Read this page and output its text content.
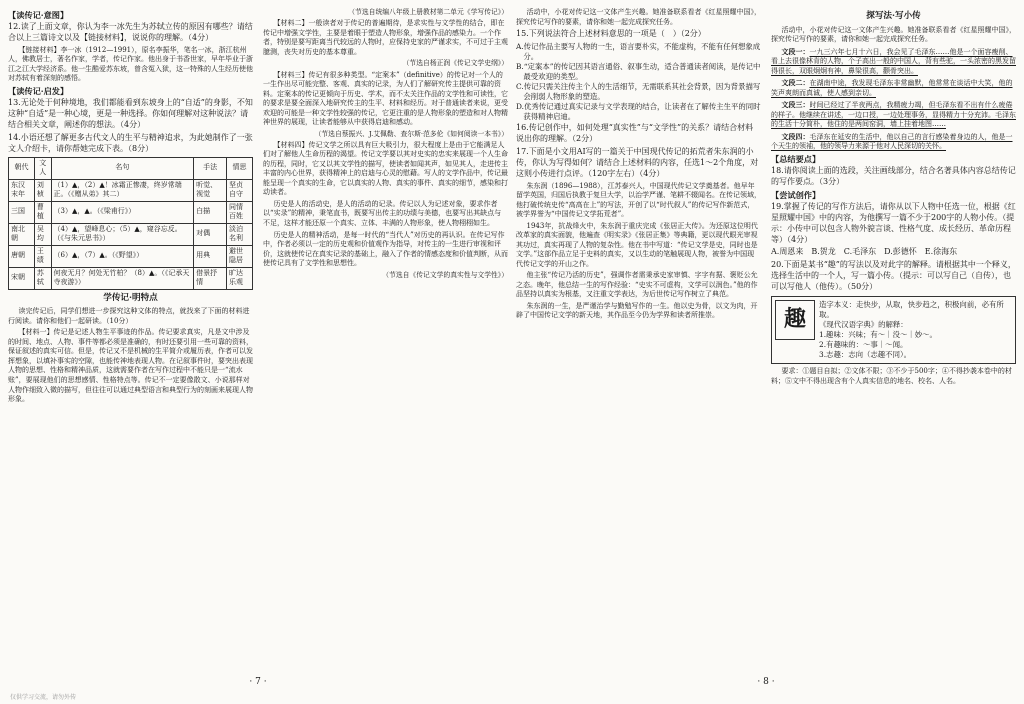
【读传记·意图】
12.读了上面文章，你认为李一冰先生为苏轼立传的原因有哪些？请结合以上三篇诗文以及【链接材料】，说说你的理解。（4分）
【链接材料】李一冰（1912—1991），原名李振华，笔名一冰，浙江杭州人，佛教居士，著名作家，学者，传记作家。他出身于书香世家，早年毕业于浙江之江大学经济系。他一生酷爱苏东坡，曾含冤入狱，这一特殊的人生经历使他对苏轼有着深刻的感悟。
【读传记·启发】
13.无论处于何种境地，我们都能看到东坡身上的“自适”的身影，不知这种“自适”是一种心境，更是一种选择。你如何理解对这种说法？请结合相关文章，阐述你的想法。（4分）
14.小语还想了解更多古代文人的生平与精神追求，为此她制作了一张文人介绍卡，请你帮她完成下表。（8分）
朝代	文人	名句	手法	情思
东汉末年	刘桢	（1）▲，（2）▲！冰霜正惨凄，终岁常端正。（《赠从弟》其二）	听觉、视觉	坚贞自守
三国	曹植	（3）▲，▲。（《梁甫行》）	白描	同情百姓
南北朝	吴均	（4）▲，望峰息心；（5）▲，窥谷忘反。（《与朱元思书》）	对偶	淡泊名利
唐朝	王绩	（6）▲，（7）▲。（《野望》）	用典	避世隐居
宋朝	苏轼	何夜无月？何处无竹柏？（8）▲。（《记承天寺夜游》）	借景抒情	旷达乐观
学传记·明特点
读完传记后，同学们想进一步探究这种文体的特点，就找来了下面的材料进行阅读。请你和他们一起研读。（10分）
【材料一】传记是记述人物生平事迹的作品。传记要求真实，凡是文中涉及的时间、地点、人物、事件等都必须是准确的，有时还要引用一些可靠的资料，保证叙述的真实可信。但是，传记又不是机械的生平简介或履历表，作者可以发挥想象，以填补事实的空隙，也能传神地表现人物。在记叙事件时，要突出表现人物的思想、性格和精神品质，这就需要作者在写作过程中不能只是一“流水账”，要展现他们的思想感情、性格特点等。传记不一定要像散文、小说那样对人物作细致入微的描写，但往往可以通过典型语言和典型行为的刻画来展现人物形象。
（节选自统编八年级上册教材第二单元《学写传记》）
【材料二】一般读者对于传记的普遍期待，是求实性与文学性的结合，即在传记中增强文学性，主要是着眼于塑造人物形象，增强作品的感染力。一个作者，特别是要写距离当代较远的人物时，应保持史家的严谨求实，不可过于主观臆测，丧失对历史的基本尊重。
（节选自杨正润《传记文学史纲》）
【材料三】传记有很多种类型。“定案本”（definitive）的传记对一个人的一生作出尽可能完整、客观、真实的记录，为人们了解研究传主提供可靠的资料。定案本的传记更倾向于历史、学术，而不太关注作品的文学性和可读性，它的要求是要全面深入地研究传主的生平、材料和经历。对于普通读者来说，更受欢迎的可能是一种文学性较强的传记，它更注重的是人物形象的塑造和对人物精神世界的展现，让读者能够从中获得启迪和感动。
（节选自蔡振兴、J.艾佩勒、查尔斯·范多伦《如何阅读一本书》）
【材料四】传记文学之所以具有巨大吸引力，很大程度上是由于它能满足人们对了解他人生命历程的渴望。传记文学要以其对史实的忠实来展现一个人生命的历程，同时，它又以其文学性的描写，使读者如闻其声，如见其人，走进传主丰富的内心世界，获得精神上的启迪与心灵的慰藉。写人的文学作品中，传记最能呈现一个真实的生命，它以真实的人物、真实的事件、真实的细节，感染和打动读者。
历史是人的活动史，是人的活动的记录。传记以人为记述对象，要求作者以“实录”的精神，秉笔直书，既要写出传主的功绩与美德，也要写出其缺点与不足，这样才能还原一个真实、立体、丰满的人物形象，使人物栩栩如生。
历史是人的精神活动，是每一时代的“当代人”对历史的再认识。在传记写作中，作者必须以一定的历史观和价值观作为指导，对传主的一生进行审视和评价，这就使传记在真实记录的基础上，融入了作者的情感态度和价值判断，从而使传记具有了文学性和思想性。
（节选自《传记文学的真实性与文学性》）
· 7 ·
活动中，小花对传记这一文体产生兴趣。她准备联系看者《红星照耀中国》，探究传记写作的要素，请你和她一起完成探究任务。
15.下列说法符合上述材料意思的一项是（　）（2分）

A.传记作品主要写人物的一生，语言要朴实，不能虚构，不能有任何想象成分。

B.“定案本”的传记因其语言通俗、叙事生动，适合普通读者阅读，是传记中最受欢迎的类型。

C.传记只需关注传主个人的生活细节，无需联系其社会背景，因为背景描写会削弱人物形象的塑造。

D.优秀传记通过真实记录与文学表现的结合，让读者在了解传主生平的同时获得精神启迪。

16.传记创作中，如何处理“真实性”与“文学性”的关系？请结合材料说出你的理解。（2分）
17.下面是小文用AI写的一篇关于中国现代传记的拓荒者朱东润的小传，你认为写得如何？请结合上述材料的内容，任选1～2个角度，对这则小传进行点评。（120字左右）（4分）
朱东润（1896—1988），江苏泰兴人，中国现代传记文学奠基者。他早年留学英国，归国后执教于复旦大学，以治学严谨、笔耕不辍闻名。在传记领域，他打破传统史传“高高在上”的写法，开创了以“时代叙人”的传记写作新范式，被学界誉为“中国传记文学拓荒者”。
1943年，抗战烽火中，朱东润于重庆完成《张居正大传》。为还原这位明代改革家的真实面貌，他遍查《明实录》《张居正集》等典籍，更以现代眼光审视其功过，真实再现了人物的复杂性。他在书中写道：“传记文学是史，同时也是文学。”这部作品立足于史料的真实，又以生动的笔触展现人物，被誉为中国现代传记文学的开山之作。
他主张“传记乃活的历史”，强调作者需秉承史家审慎、字字有据、褒贬公允之态。晚年，他总结一生的写作经验：“史实不可虚构，文学可以润色。”他的作品坚持以真实为根基，又注重文学表达，为后世传记写作树立了典范。
朱东润的一生，是严谨治学与勤勉写作的一生。他以史为骨，以文为肉，开辟了中国传记文学的新天地，其作品至今仍为学界和读者所推崇。
探写法·写小传
活动中，小花对传记这一文体产生兴趣。她准备联系看者《红星照耀中国》，探究传记写作的要素，请你和她一起完成探究任务。
文段一：一九三六年七月十六日，我会见了毛泽东……他是一个面容瘦削、看上去很像林肯的人物，个子高出一般的中国人，背有些驼，一头浓密的黑发留得很长，双眼炯炯有神，鼻梁很高，颧骨突出。
文段二：在湖南中途，我发现毛泽东非常幽默，他常常在谈话中大笑，他的笑声爽朗而真诚，使人感到亲切。
文段三：时间已经过了半夜两点，我精疲力竭，但毛泽东看不出有什么疲倦的样子。他继续在讲述，一边口授，一边处理事务，显得精力十分充沛。毛泽东的生活十分简朴，他住的是两间窑洞，墙上挂着地图……
文段四：毛泽东在延安的生活中，他以自己的言行感染着身边的人，他是一个天生的领袖，他的领导力来源于他对人民深切的关怀。
【总结要点】
18.请你阅读上面的选段，关注画线部分，结合名著具体内容总结传记的写作要点。（3分）
【尝试创作】
19.掌握了传记的写作方法后，请你从以下人物中任选一位，根据《红星照耀中国》中的内容，为他撰写一篇不少于200字的人物小传。（提示：小传中可以包含人物外貌言谈、性格气度、成长经历、革命历程等）（4分）
A.周恩来　B.贺龙　C.毛泽东　D.彭德怀　E.徐海东
20.下面是某书“趣”的写法以及对此字的解释。请根据其中一个释义，选择生活中的一个人，写一篇小传。（提示：可以写自己（自传），也可以写他人（他传）。（50分）
趣
造字本义：走快步，从取，快步趋之，积极向前，必有所取。
《现代汉语字典》的解释：
1.趣味：兴味；有～｜没～｜妙～。
2.有趣味的：～事｜～闻。
3.志趣：志向（志趣不同）。
要求：①题目自拟；②文体不限；③不少于500字；④不得抄袭本卷中的材料；⑤文中不得出现含有个人真实信息的地名、校名、人名。
· 8 ·
仅供学习交流，请勿外传
